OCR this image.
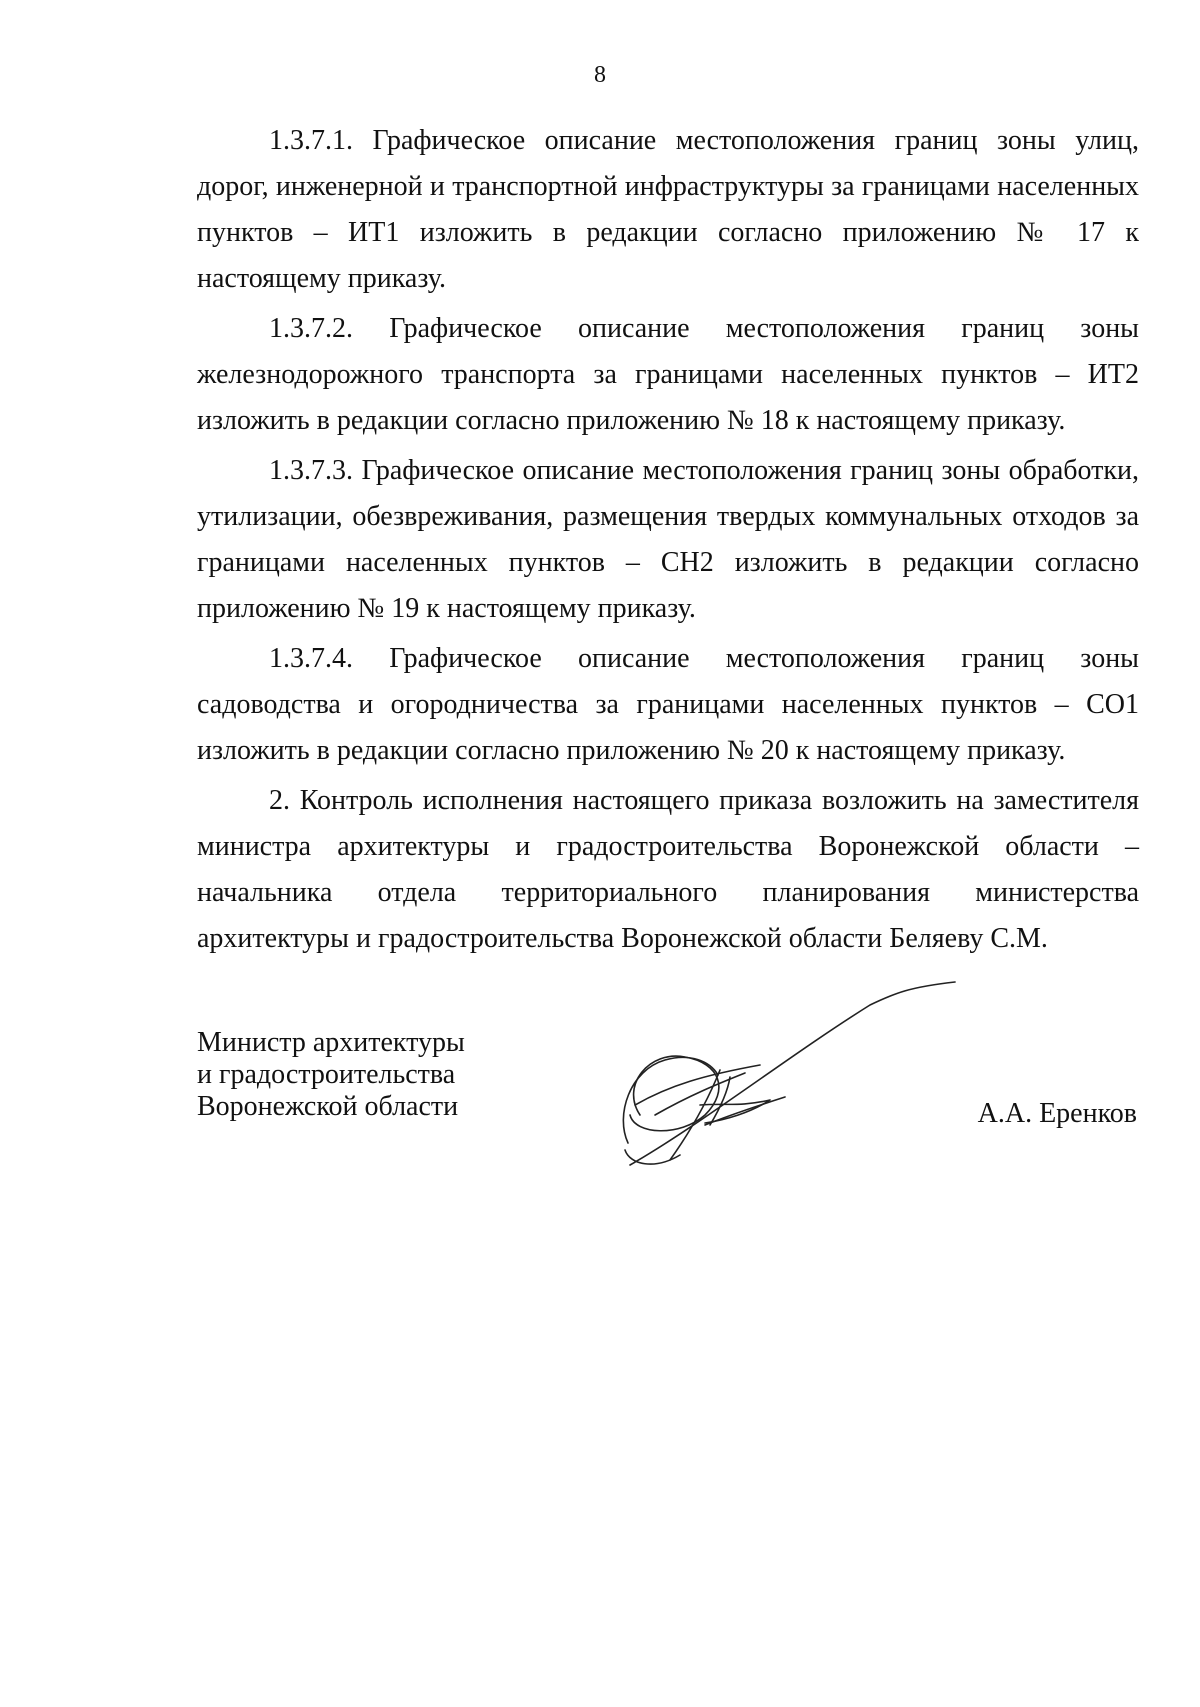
8

1.3.7.1. Графическое описание местоположения границ зоны улиц, дорог, инженерной и транспортной инфраструктуры за границами населенных пунктов – ИТ1 изложить в редакции согласно приложению № 17 к настоящему приказу.

1.3.7.2. Графическое описание местоположения границ зоны железнодорожного транспорта за границами населенных пунктов – ИТ2 изложить в редакции согласно приложению № 18 к настоящему приказу.

1.3.7.3. Графическое описание местоположения границ зоны обработки, утилизации, обезвреживания, размещения твердых коммунальных отходов за границами населенных пунктов – СН2 изложить в редакции согласно приложению № 19 к настоящему приказу.

1.3.7.4. Графическое описание местоположения границ зоны садоводства и огородничества за границами населенных пунктов – СО1 изложить в редакции согласно приложению № 20 к настоящему приказу.

2. Контроль исполнения настоящего приказа возложить на заместителя министра архитектуры и градостроительства Воронежской области – начальника отдела территориального планирования министерства архитектуры и градостроительства Воронежской области Беляеву С.М.

Министр архитектуры
и градостроительства
Воронежской области	А.А. Еренков
